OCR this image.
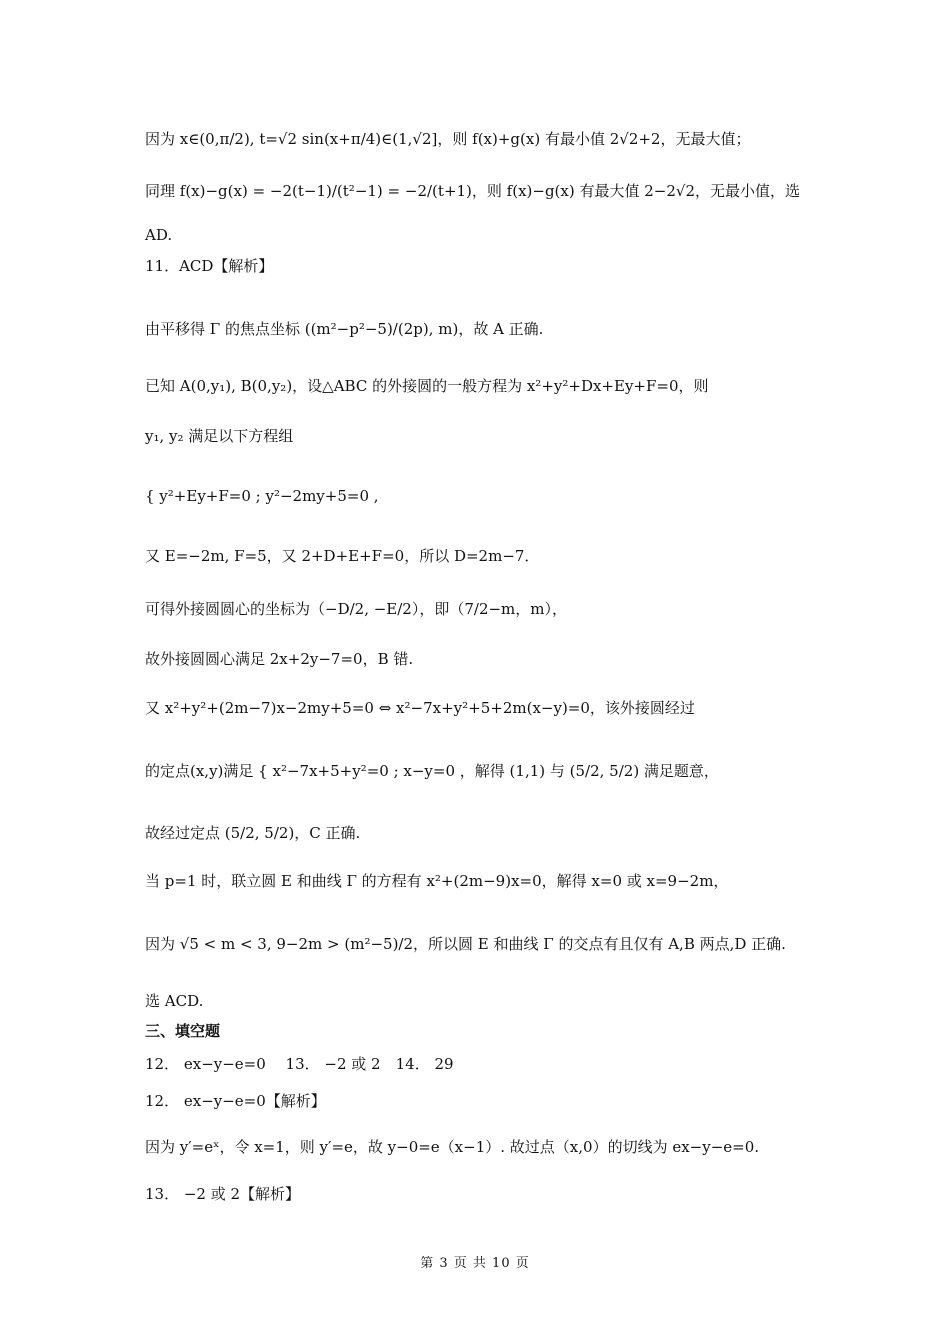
因为 x∈(0,π/2), t=√2 sin(x+π/4)∈(1,√2]，则 f(x)+g(x) 有最小值 2√2+2，无最大值；
同理 f(x)−g(x) = −2(t−1)/(t²−1) = −2/(t+1)，则 f(x)−g(x) 有最大值 2−2√2，无最小值，选
AD.
11．ACD【解析】
由平移得 Γ 的焦点坐标 ((m²−p²−5)/(2p), m)，故 A 正确.
已知 A(0,y₁), B(0,y₂)，设△ABC 的外接圆的一般方程为 x²+y²+Dx+Ey+F=0，则
y₁, y₂ 满足以下方程组
{ y²+Ey+F=0 ; y²−2my+5=0 ,
又 E=−2m, F=5，又 2+D+E+F=0，所以 D=2m−7．
可得外接圆圆心的坐标为（−D/2, −E/2），即（7/2−m，m），
故外接圆圆心满足 2x+2y−7=0，B 错.
又 x²+y²+(2m−7)x−2my+5=0 ⇔ x²−7x+y²+5+2m(x−y)=0，该外接圆经过
的定点(x,y)满足 { x²−7x+5+y²=0 ; x−y=0 ，解得 (1,1) 与 (5/2, 5/2) 满足题意，
故经过定点 (5/2, 5/2)，C 正确.
当 p=1 时，联立圆 E 和曲线 Γ 的方程有 x²+(2m−9)x=0，解得 x=0 或 x=9−2m，
因为 √5 < m < 3, 9−2m > (m²−5)/2，所以圆 E 和曲线 Γ 的交点有且仅有 A,B 两点,D 正确.
选 ACD.
三、填空题
12． ex−y−e=0　 13． −2 或 2　14． 29
12． ex−y−e=0【解析】
因为 y′=eˣ，令 x=1，则 y′=e，故 y−0=e（x−1）. 故过点（x,0）的切线为 ex−y−e=0.
13． −2 或 2【解析】
第 3 页 共 10 页
